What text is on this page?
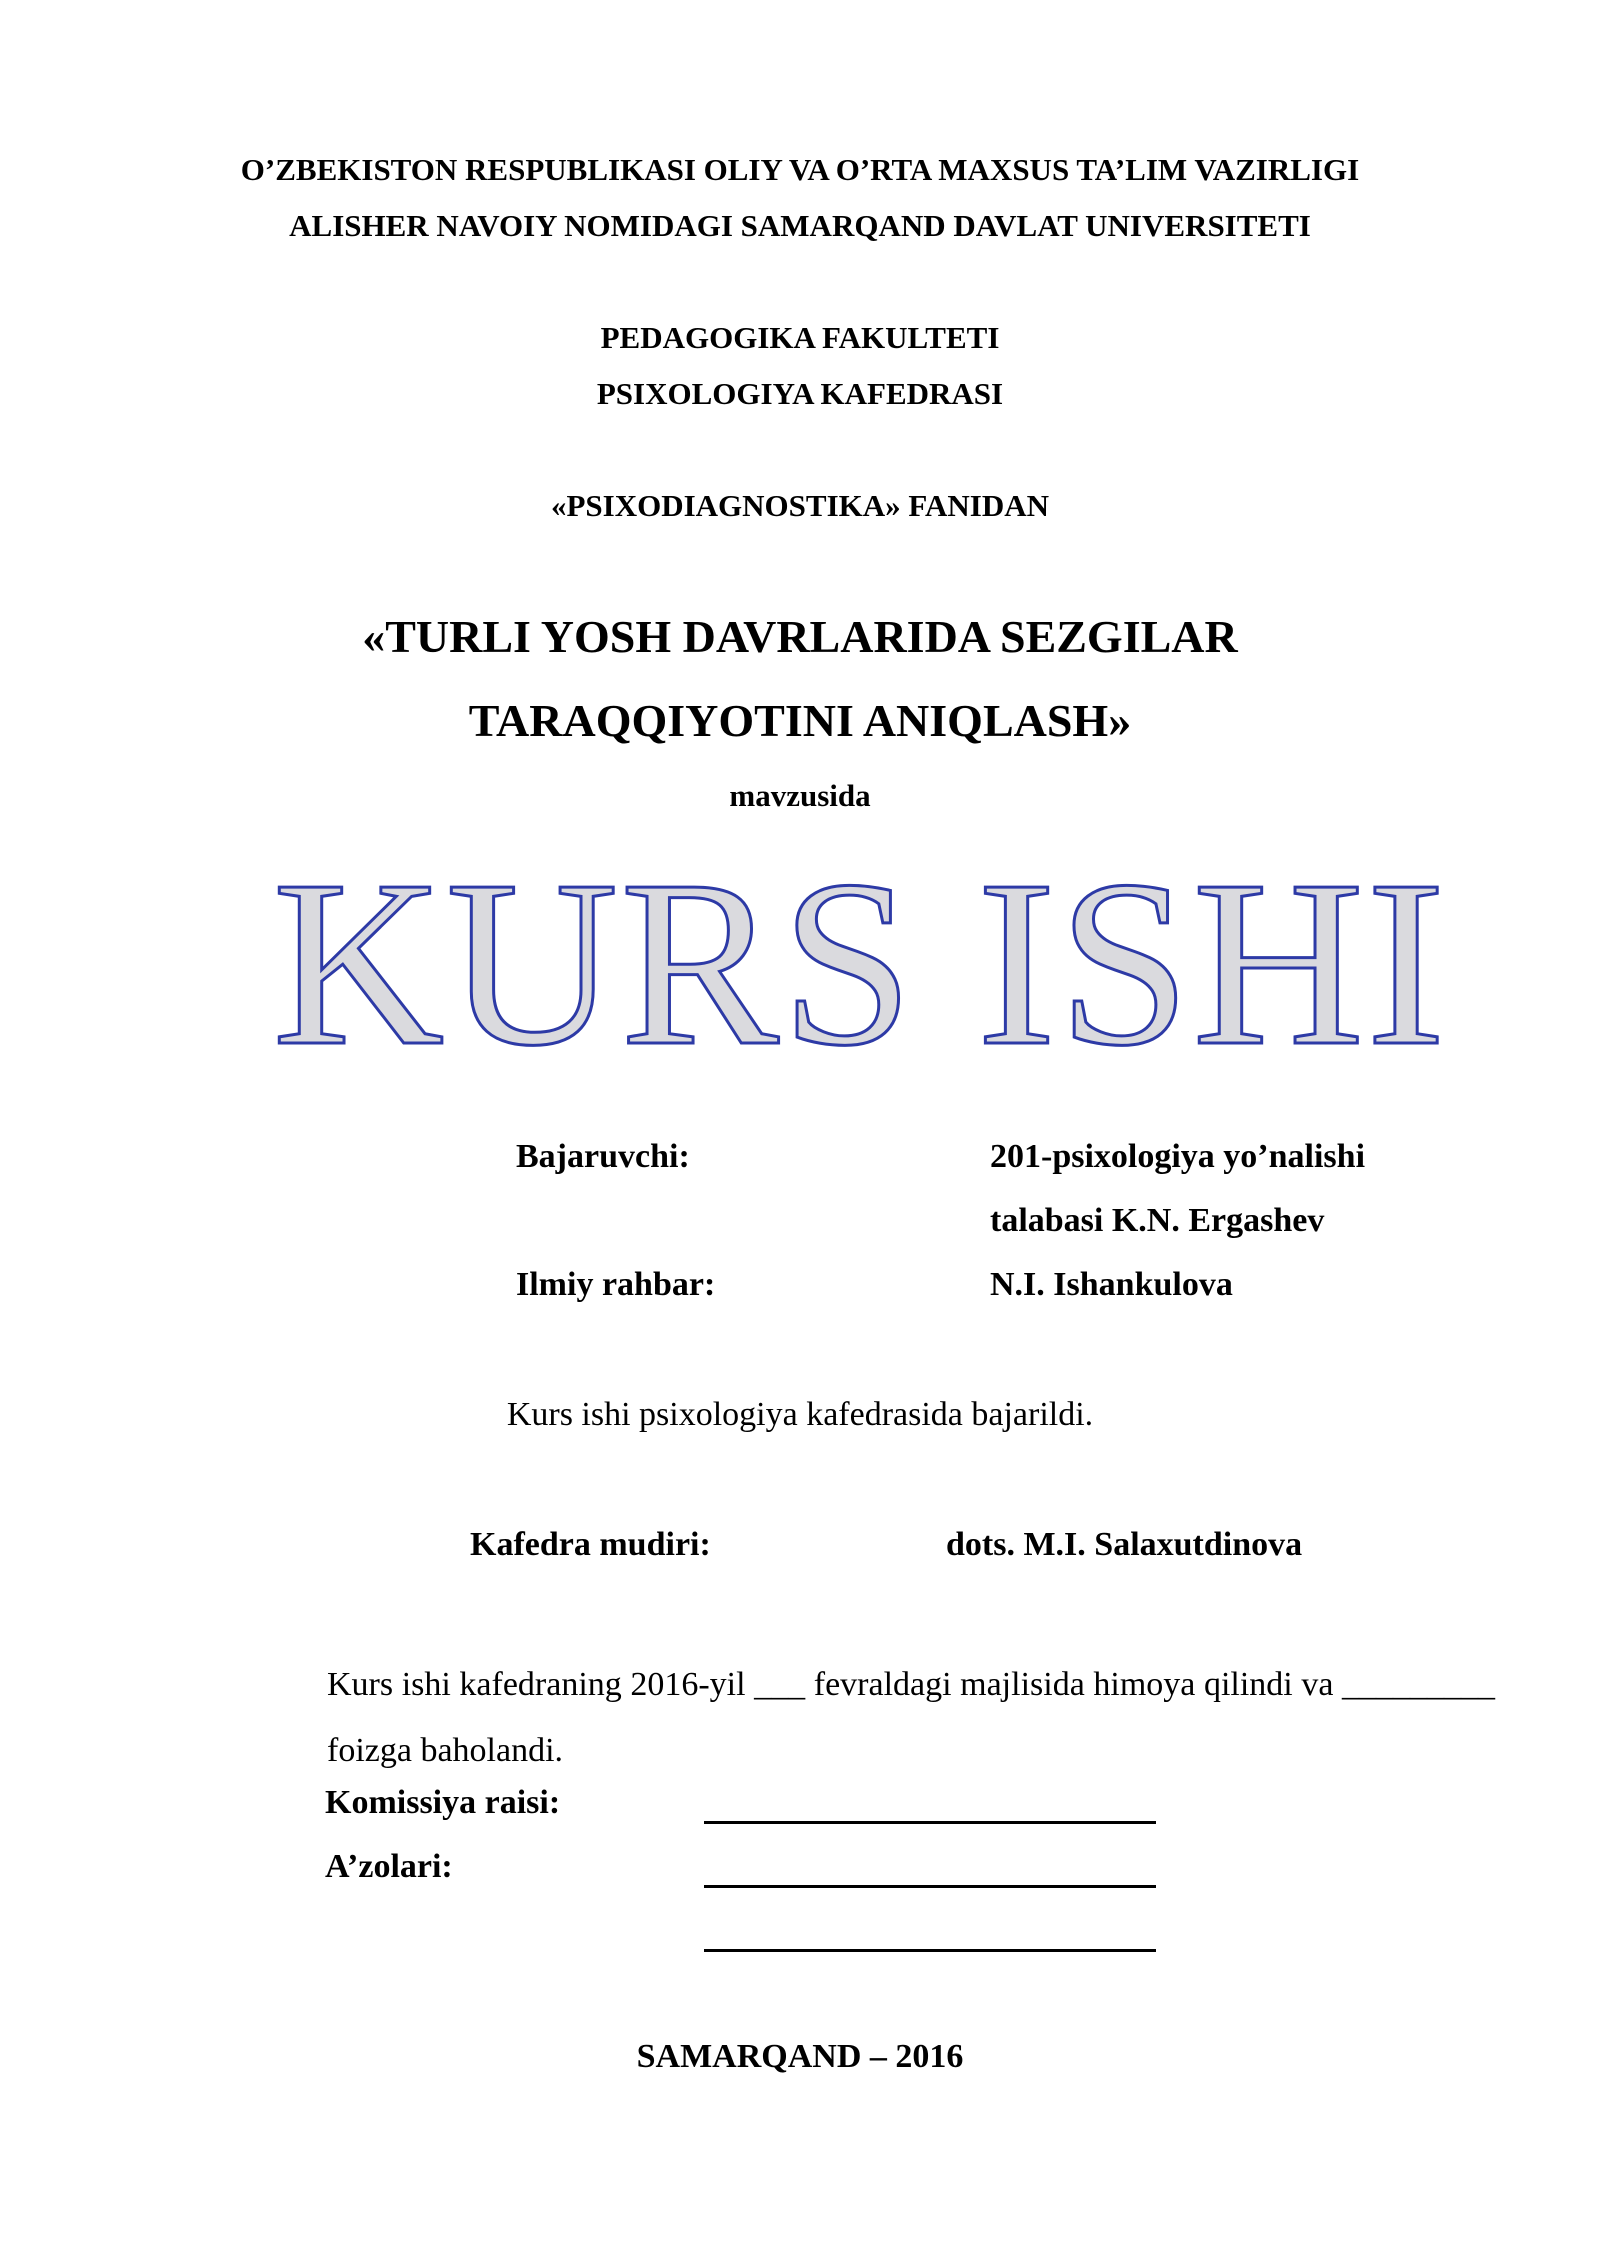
O’ZBEKISTON RESPUBLIKASI OLIY VA O’RTA MAXSUS TA’LIM VAZIRLIGI
ALISHER NAVOIY NOMIDAGI SAMARQAND DAVLAT UNIVERSITETI
PEDAGOGIKA FAKULTETI
PSIXOLOGIYA KAFEDRASI
«PSIXODIAGNOSTIKA» FANIDAN
«TURLI YOSH DAVRLARIDA SEZGILAR
TARAQQIYOTINI ANIQLASH»
mavzusida
KURS ISHI
Bajaruvchi:	201-psixologiya yo’nalishi
talabasi K.N. Ergashev
Ilmiy rahbar:	N.I. Ishankulova
Kurs ishi psixologiya kafedrasida bajarildi.
Kafedra mudiri:	dots. M.I. Salaxutdinova
Kurs ishi kafedraning 2016-yil ___ fevraldagi majlisida himoya qilindi va _________ foizga baholandi.
Komissiya raisi:
A’zolari:
SAMARQAND – 2016
